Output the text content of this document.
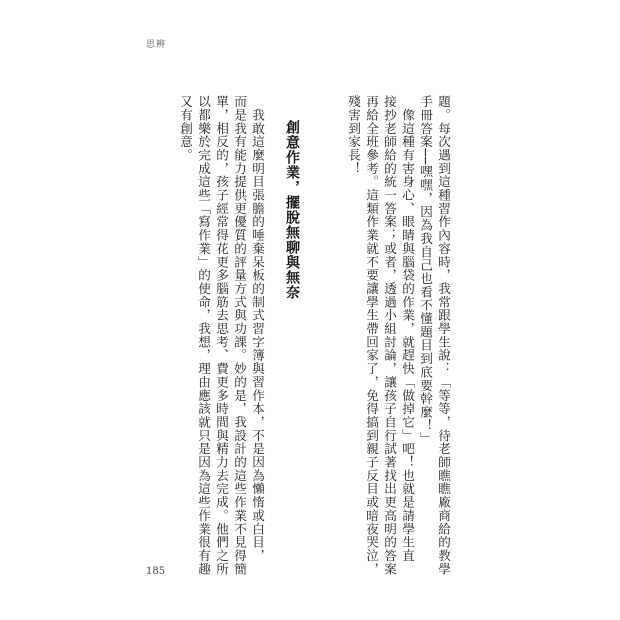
思辨
題。每次遇到這種習作內容時，我常跟學生說：「等等，待老師瞧瞧廠商給的教學
手冊答案──嘿嘿，因為我自己也看不懂題目到底要幹麼！」
　像這種有害身心、眼睛與腦袋的作業，就趕快「做掉它」吧！也就是請學生直
接抄老師給的統一答案；或者，透過小組討論，讓孩子自行試著找出更高明的答案
再給全班參考。這類作業就不要讓學生帶回家了，免得搞到親子反目或暗夜哭泣，
殘害到家長！
創意作業，擺脫無聊與無奈
　我敢這麼明目張膽的唾棄呆板的制式習字簿與習作本，不是因為懶惰或白目，
而是我有能力提供更優質的評量方式與功課。妙的是，我設計的這些作業不見得簡
單，相反的，孩子經常得花更多腦筋去思考、費更多時間與精力去完成。他們之所
以都樂於完成這些「寫作業」的使命，我想，理由應該就只是因為這些作業很有趣
又有創意。
185
